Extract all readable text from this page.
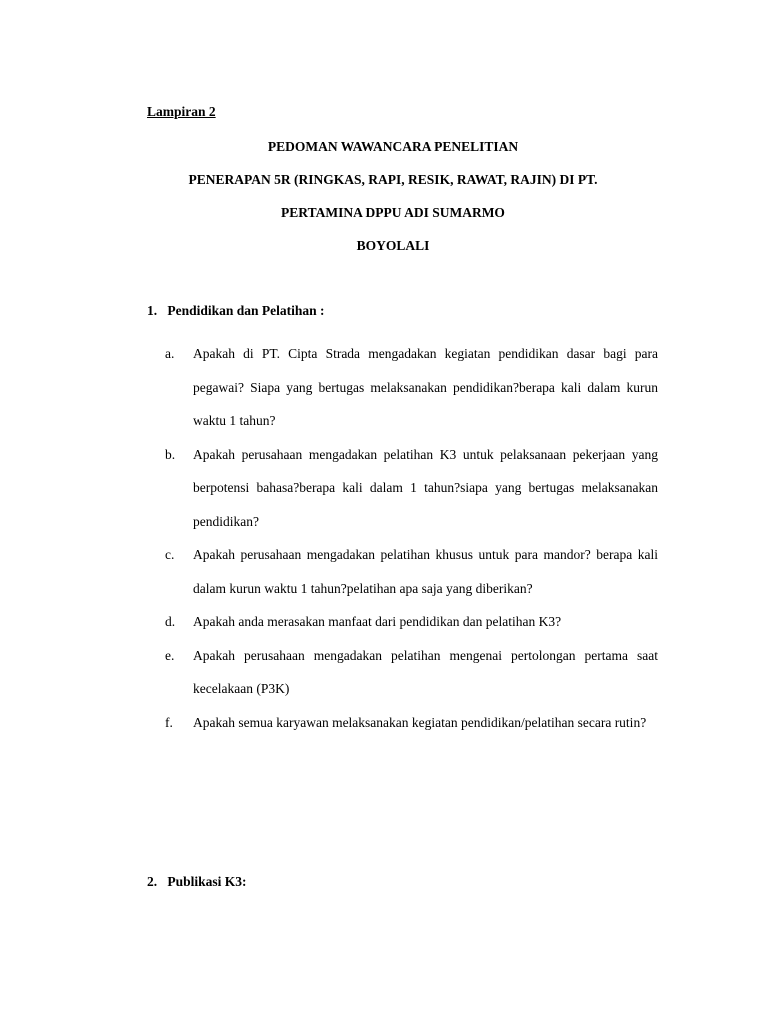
Lampiran 2
PEDOMAN WAWANCARA PENELITIAN
PENERAPAN 5R (RINGKAS, RAPI, RESIK, RAWAT, RAJIN) DI PT.
PERTAMINA DPPU ADI SUMARMO
BOYOLALI
1. Pendidikan dan Pelatihan :
a.	Apakah di PT. Cipta Strada mengadakan kegiatan pendidikan dasar bagi para pegawai? Siapa yang bertugas melaksanakan pendidikan?berapa kali dalam kurun waktu 1 tahun?
b.	Apakah perusahaan mengadakan pelatihan K3 untuk pelaksanaan pekerjaan yang berpotensi bahasa?berapa kali dalam 1 tahun?siapa yang bertugas melaksanakan pendidikan?
c.	Apakah perusahaan mengadakan pelatihan khusus untuk para mandor? berapa kali dalam kurun waktu 1 tahun?pelatihan apa saja yang diberikan?
d.	Apakah anda merasakan manfaat dari pendidikan dan pelatihan K3?
e.	Apakah perusahaan mengadakan pelatihan mengenai pertolongan pertama saat kecelakaan (P3K)
f.	Apakah semua karyawan melaksanakan kegiatan pendidikan/pelatihan secara rutin?
2. Publikasi K3:
